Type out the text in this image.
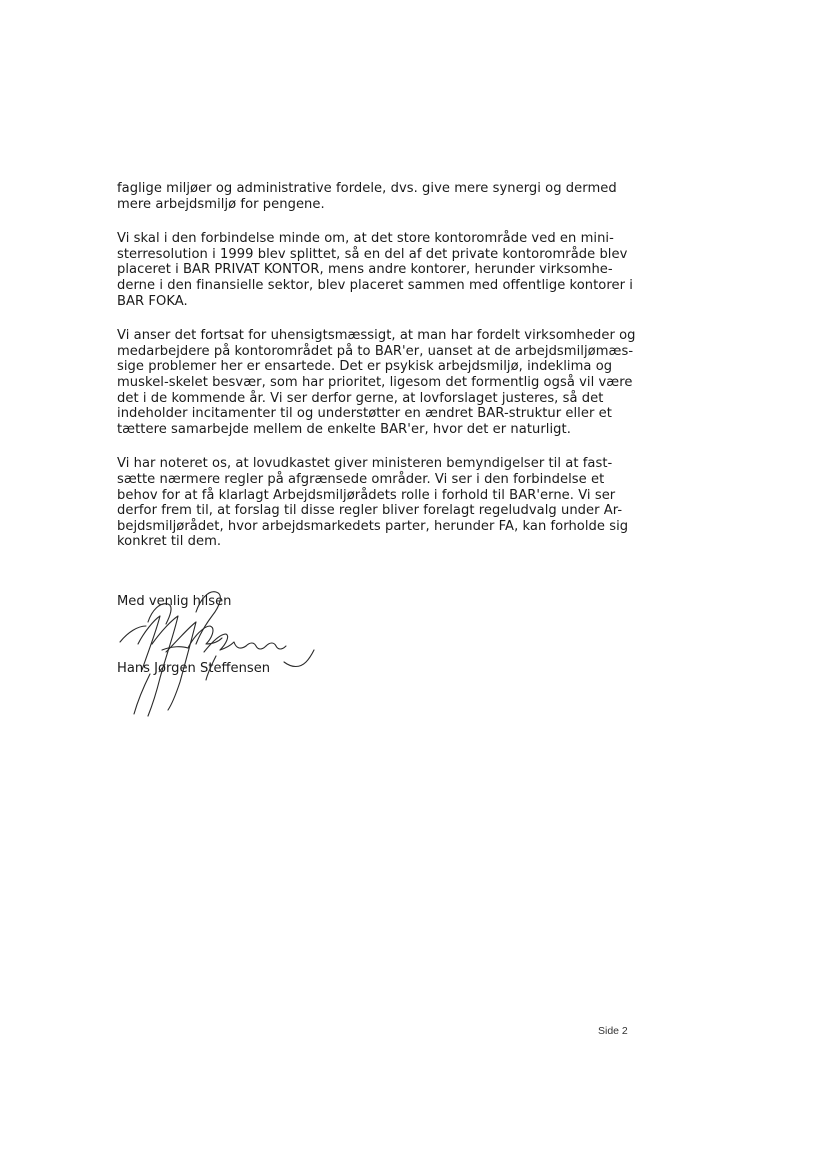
faglige miljøer og administrative fordele, dvs. give mere synergi og dermed
mere arbejdsmiljø for pengene.

Vi skal i den forbindelse minde om, at det store kontorområde ved en mini-
sterresolution i 1999 blev splittet, så en del af det private kontorområde blev
placeret i BAR PRIVAT KONTOR, mens andre kontorer, herunder virksomhe-
derne i den finansielle sektor, blev placeret sammen med offentlige kontorer i
BAR FOKA.

Vi anser det fortsat for uhensigtsmæssigt, at man har fordelt virksomheder og
medarbejdere på kontorområdet på to BAR'er, uanset at de arbejdsmiljømæs-
sige problemer her er ensartede. Det er psykisk arbejdsmiljø, indeklima og
muskel-skelet besvær, som har prioritet, ligesom det formentlig også vil være
det i de kommende år. Vi ser derfor gerne, at lovforslaget justeres, så det
indeholder incitamenter til og understøtter en ændret BAR-struktur eller et
tættere samarbejde mellem de enkelte BAR'er, hvor det er naturligt.

Vi har noteret os, at lovudkastet giver ministeren bemyndigelser til at fast-
sætte nærmere regler på afgrænsede områder. Vi ser i den forbindelse et
behov for at få klarlagt Arbejdsmiljørådets rolle i forhold til BAR'erne. Vi ser
derfor frem til, at forslag til disse regler bliver forelagt regeludvalg under Ar-
bejdsmiljørådet, hvor arbejdsmarkedets parter, herunder FA, kan forholde sig
konkret til dem.

Med venlig hilsen
Hans Jørgen Steffensen
Side 2
